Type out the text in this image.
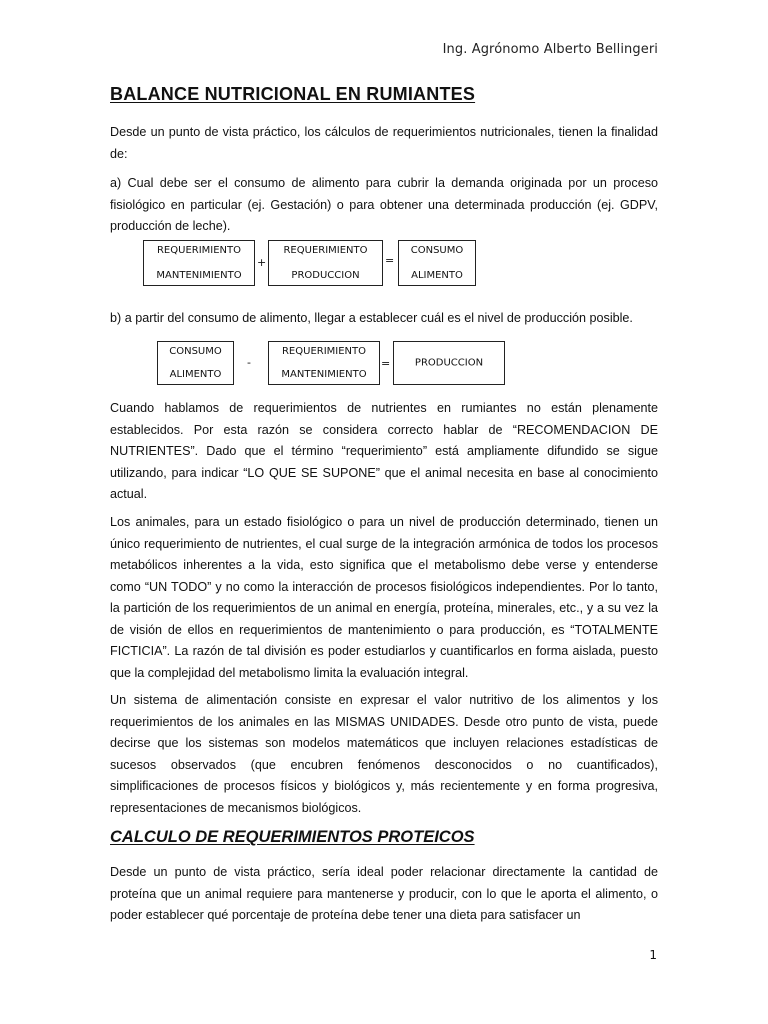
Ing. Agrónomo Alberto Bellingeri
BALANCE NUTRICIONAL EN RUMIANTES

Desde un punto de vista práctico, los cálculos de requerimientos nutricionales, tienen la finalidad de:

a) Cual debe ser el consumo de alimento para cubrir la demanda originada por un proceso fisiológico en particular (ej. Gestación) o para obtener una determinada producción (ej. GDPV, producción de leche).

REQUERIMIENTO
MANTENIMIENTO
+
REQUERIMIENTO
PRODUCCION
=
CONSUMO
ALIMENTO

b) a partir del consumo de alimento, llegar a establecer cuál es el nivel de producción posible.

CONSUMO
ALIMENTO
-
REQUERIMIENTO
MANTENIMIENTO
=	PRODUCCION

Cuando hablamos de requerimientos de nutrientes en rumiantes no están plenamente establecidos. Por esta razón se considera correcto hablar de “RECOMENDACION DE NUTRIENTES”. Dado que el término “requerimiento” está ampliamente difundido se sigue utilizando, para indicar “LO QUE SE SUPONE” que el animal necesita en base al conocimiento actual.

Los animales, para un estado fisiológico o para un nivel de producción determinado, tienen un único requerimiento de nutrientes, el cual surge de la integración armónica de todos los procesos metabólicos inherentes a la vida, esto significa que el metabolismo debe verse y entenderse como “UN TODO” y no como la interacción de procesos fisiológicos independientes. Por lo tanto, la partición de los requerimientos de un animal en energía, proteína, minerales, etc., y a su vez la de visión de ellos en requerimientos de mantenimiento o para producción, es “TOTALMENTE FICTICIA”. La razón de tal división es poder estudiarlos y cuantificarlos en forma aislada, puesto que la complejidad del metabolismo limita la evaluación integral.

Un sistema de alimentación consiste en expresar el valor nutritivo de los alimentos y los requerimientos de los animales en las MISMAS UNIDADES. Desde otro punto de vista, puede decirse que los sistemas son modelos matemáticos que incluyen relaciones estadísticas de sucesos observados (que encubren fenómenos desconocidos o no cuantificados), simplificaciones de procesos físicos y biológicos y, más recientemente y en forma progresiva, representaciones de mecanismos biológicos.

CALCULO DE REQUERIMIENTOS PROTEICOS

Desde un punto de vista práctico, sería ideal poder relacionar directamente la cantidad de proteína que un animal requiere para mantenerse y producir, con lo que le aporta el alimento, o poder establecer qué porcentaje de proteína debe tener una dieta para satisfacer un

1
